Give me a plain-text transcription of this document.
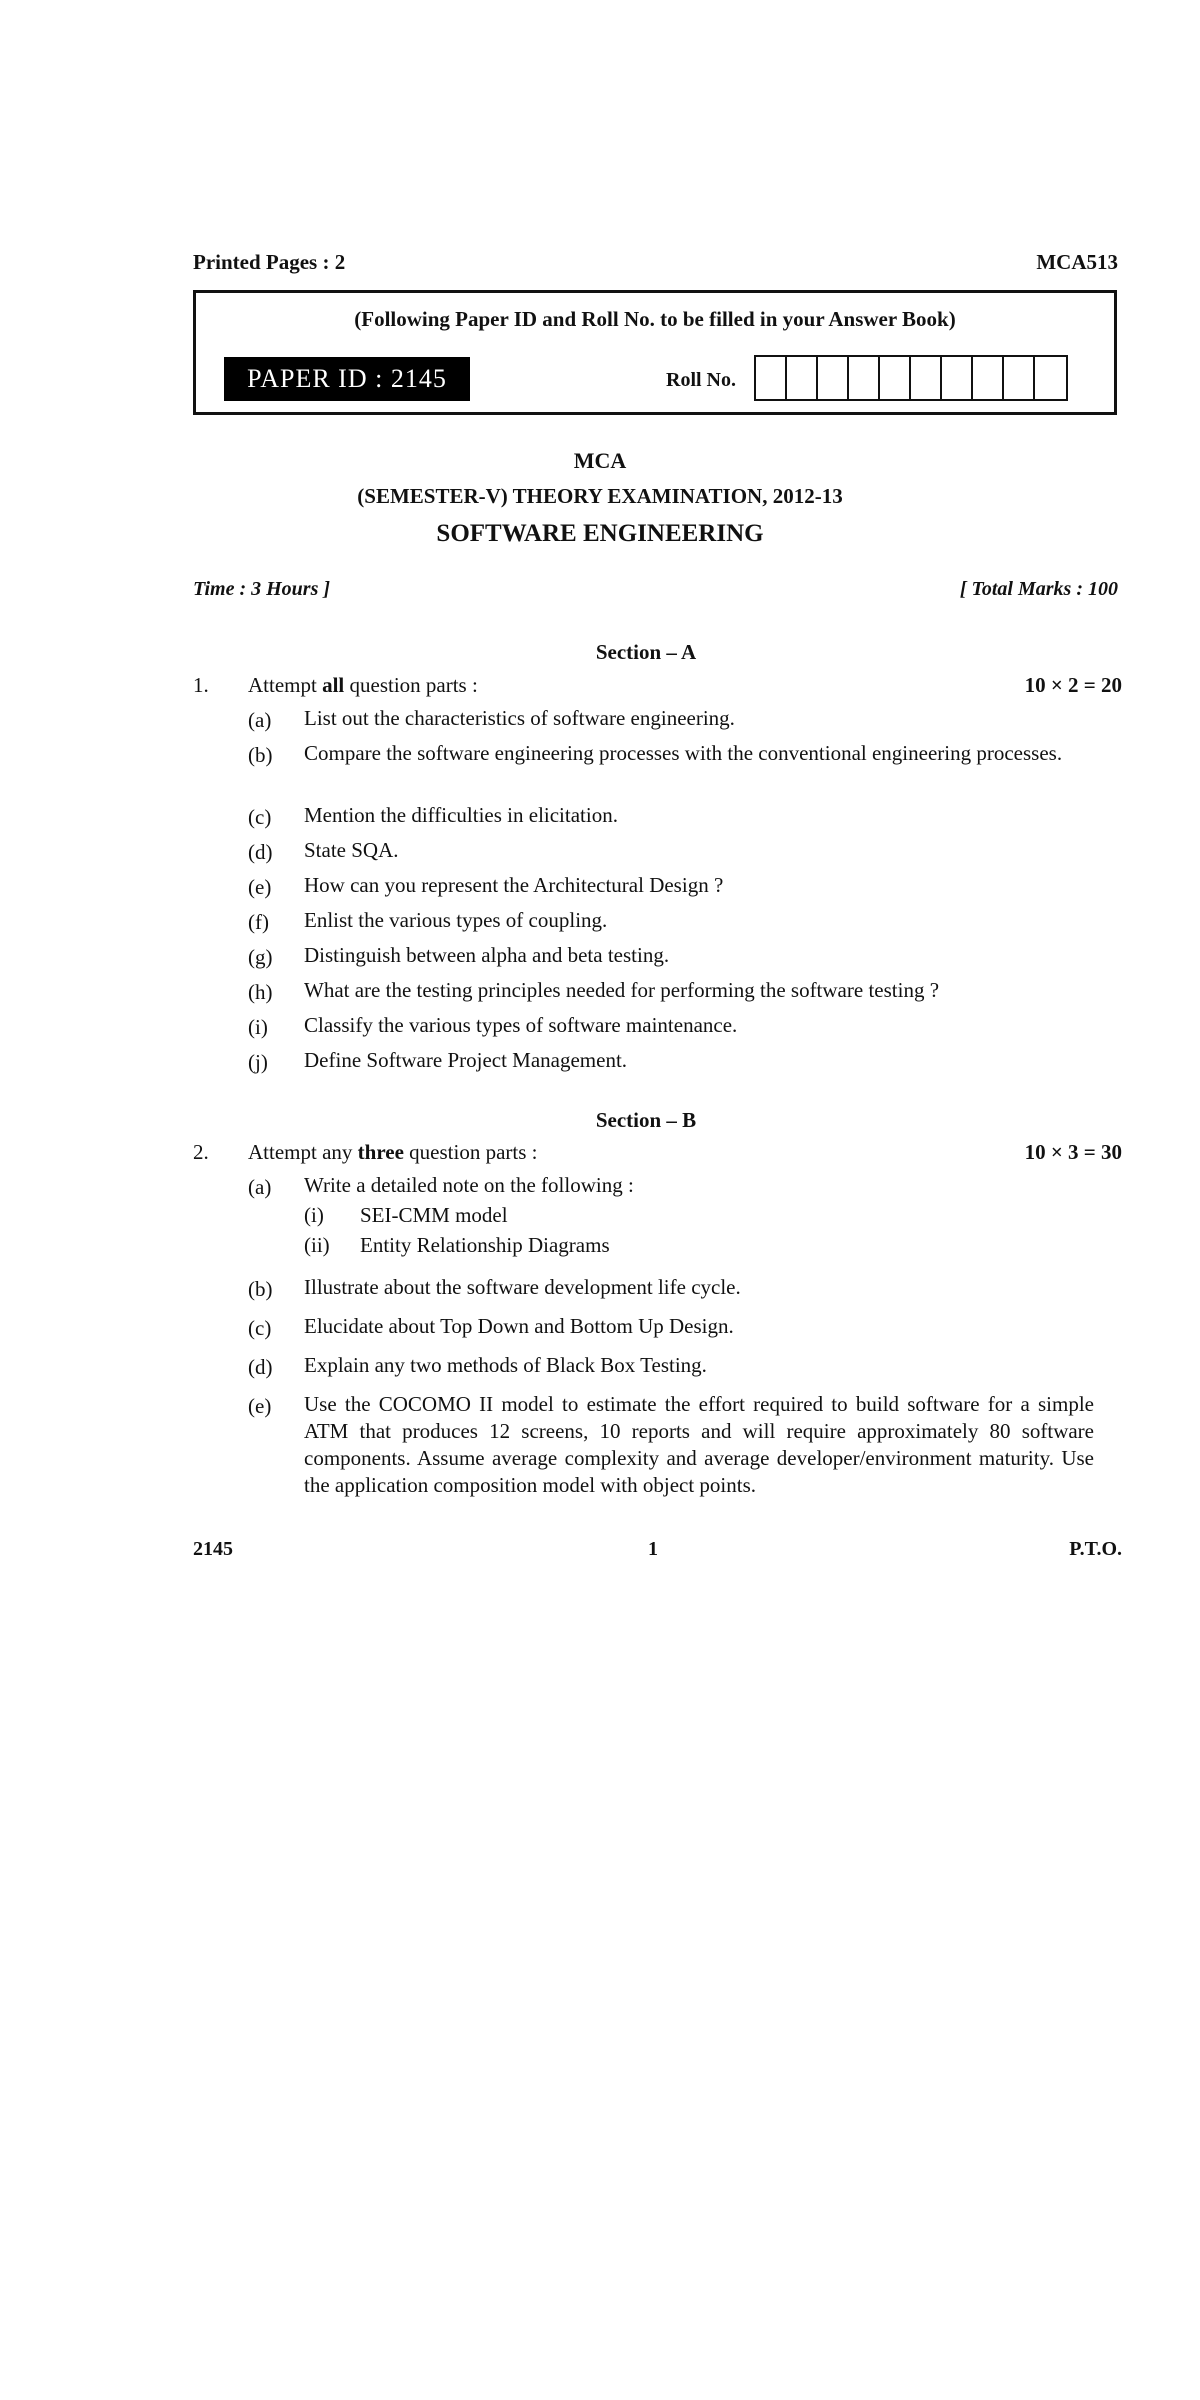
Printed Pages : 2	MCA513
(Following Paper ID and Roll No. to be filled in your Answer Book)
PAPER ID : 2145	Roll No.
MCA
(SEMESTER-V) THEORY EXAMINATION, 2012-13
SOFTWARE ENGINEERING
Time : 3 Hours ]	[ Total Marks : 100
Section – A
1. Attempt all question parts :	10 × 2 = 20
(a) List out the characteristics of software engineering.
(b) Compare the software engineering processes with the conventional engineering processes.
(c) Mention the difficulties in elicitation.
(d) State SQA.
(e) How can you represent the Architectural Design ?
(f) Enlist the various types of coupling.
(g) Distinguish between alpha and beta testing.
(h) What are the testing principles needed for performing the software testing ?
(i) Classify the various types of software maintenance.
(j) Define Software Project Management.
Section – B
2. Attempt any three question parts :	10 × 3 = 30
(a) Write a detailed note on the following :
(i) SEI-CMM model
(ii) Entity Relationship Diagrams
(b) Illustrate about the software development life cycle.
(c) Elucidate about Top Down and Bottom Up Design.
(d) Explain any two methods of Black Box Testing.
(e) Use the COCOMO II model to estimate the effort required to build software for a simple ATM that produces 12 screens, 10 reports and will require approximately 80 software components. Assume average complexity and average developer/environment maturity. Use the application composition model with object points.
2145	1	P.T.O.
